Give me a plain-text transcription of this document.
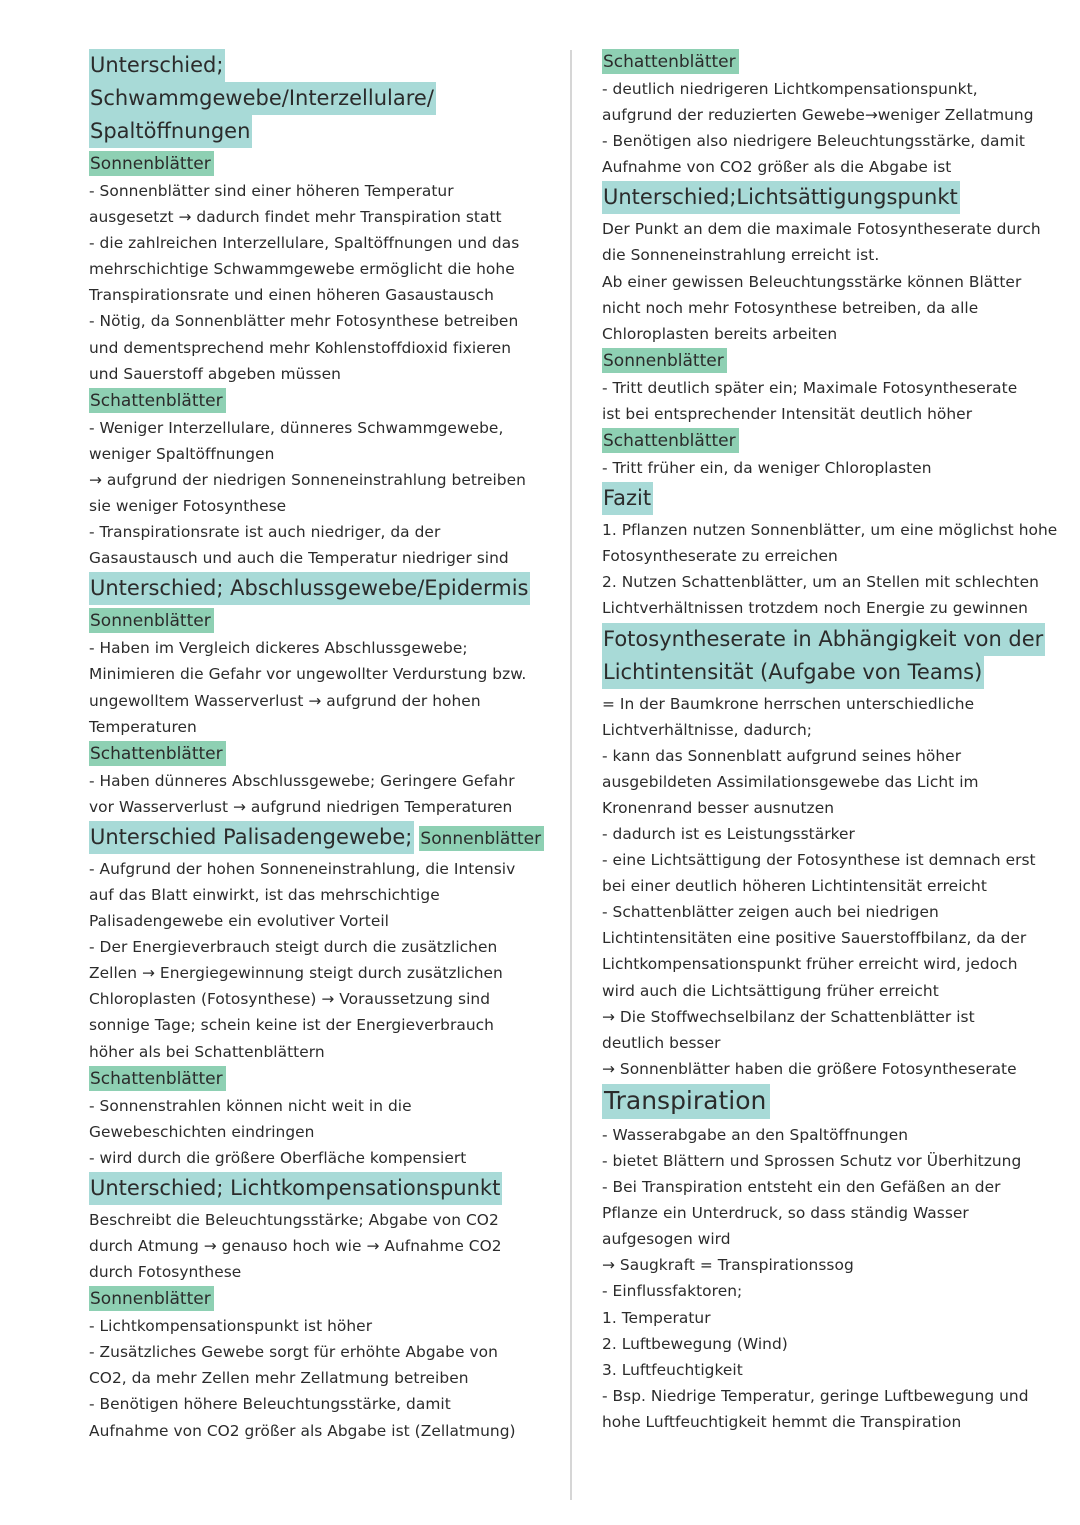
Unterschied;
Schwammgewebe/Interzellulare/
Spaltöffnungen
Sonnenblätter
- Sonnenblätter sind einer höheren Temperatur
ausgesetzt → dadurch findet mehr Transpiration statt
- die zahlreichen Interzellulare, Spaltöffnungen und das
mehrschichtige Schwammgewebe ermöglicht die hohe
Transpirationsrate und einen höheren Gasaustausch
- Nötig, da Sonnenblätter mehr Fotosynthese betreiben
und dementsprechend mehr Kohlenstoffdioxid fixieren
und Sauerstoff abgeben müssen
Schattenblätter
- Weniger Interzellulare, dünneres Schwammgewebe,
weniger Spaltöffnungen
→ aufgrund der niedrigen Sonneneinstrahlung betreiben
sie weniger Fotosynthese
- Transpirationsrate ist auch niedriger, da der
Gasaustausch und auch die Temperatur niedriger sind
Unterschied; Abschlussgewebe/Epidermis Sonnenblätter
- Haben im Vergleich dickeres Abschlussgewebe;
Minimieren die Gefahr vor ungewollter Verdurstung bzw.
ungewolltem Wasserverlust → aufgrund der hohen
Temperaturen
Schattenblätter
- Haben dünneres Abschlussgewebe; Geringere Gefahr
vor Wasserverlust → aufgrund niedrigen Temperaturen
Unterschied Palisadengewebe; Sonnenblätter
- Aufgrund der hohen Sonneneinstrahlung, die Intensiv
auf das Blatt einwirkt, ist das mehrschichtige
Palisadengewebe ein evolutiver Vorteil
- Der Energieverbrauch steigt durch die zusätzlichen
Zellen → Energiegewinnung steigt durch zusätzlichen
Chloroplasten (Fotosynthese) → Voraussetzung sind
sonnige Tage; schein keine ist der Energieverbrauch
höher als bei Schattenblättern
Schattenblätter
- Sonnenstrahlen können nicht weit in die
Gewebeschichten eindringen
- wird durch die größere Oberfläche kompensiert
Unterschied; Lichtkompensationspunkt
Beschreibt die Beleuchtungsstärke; Abgabe von CO2
durch Atmung → genauso hoch wie → Aufnahme CO2
durch Fotosynthese
Sonnenblätter
- Lichtkompensationspunkt ist höher
- Zusätzliches Gewebe sorgt für erhöhte Abgabe von
CO2, da mehr Zellen mehr Zellatmung betreiben
- Benötigen höhere Beleuchtungsstärke, damit
Aufnahme von CO2 größer als Abgabe ist (Zellatmung)
Schattenblätter
- deutlich niedrigeren Lichtkompensationspunkt,
aufgrund der reduzierten Gewebe→weniger Zellatmung
- Benötigen also niedrigere Beleuchtungsstärke, damit
Aufnahme von CO2 größer als die Abgabe ist
Unterschied;Lichtsättigungspunkt
Der Punkt an dem die maximale Fotosyntheserate durch
die Sonneneinstrahlung erreicht ist.
Ab einer gewissen Beleuchtungsstärke können Blätter
nicht noch mehr Fotosynthese betreiben, da alle
Chloroplasten bereits arbeiten
Sonnenblätter
- Tritt deutlich später ein; Maximale Fotosyntheserate
ist bei entsprechender Intensität deutlich höher
Schattenblätter
- Tritt früher ein, da weniger Chloroplasten
Fazit
1. Pflanzen nutzen Sonnenblätter, um eine möglichst hohe
Fotosyntheserate zu erreichen
2. Nutzen Schattenblätter, um an Stellen mit schlechten
Lichtverhältnissen trotzdem noch Energie zu gewinnen
Fotosyntheserate in Abhängigkeit von der
Lichtintensität (Aufgabe von Teams)
= In der Baumkrone herrschen unterschiedliche
Lichtverhältnisse, dadurch;
- kann das Sonnenblatt aufgrund seines höher
ausgebildeten Assimilationsgewebe das Licht im
Kronenrand besser ausnutzen
- dadurch ist es Leistungsstärker
- eine Lichtsättigung der Fotosynthese ist demnach erst
bei einer deutlich höheren Lichtintensität erreicht
- Schattenblätter zeigen auch bei niedrigen
Lichtintensitäten eine positive Sauerstoffbilanz, da der
Lichtkompensationspunkt früher erreicht wird, jedoch
wird auch die Lichtsättigung früher erreicht
→ Die Stoffwechselbilanz der Schattenblätter ist
deutlich besser
→ Sonnenblätter haben die größere Fotosyntheserate
Transpiration
- Wasserabgabe an den Spaltöffnungen
- bietet Blättern und Sprossen Schutz vor Überhitzung
- Bei Transpiration entsteht ein den Gefäßen an der
Pflanze ein Unterdruck, so dass ständig Wasser
aufgesogen wird
→ Saugkraft = Transpirationssog
- Einflussfaktoren;
1. Temperatur
2. Luftbewegung (Wind)
3. Luftfeuchtigkeit
- Bsp. Niedrige Temperatur, geringe Luftbewegung und
hohe Luftfeuchtigkeit hemmt die Transpiration
